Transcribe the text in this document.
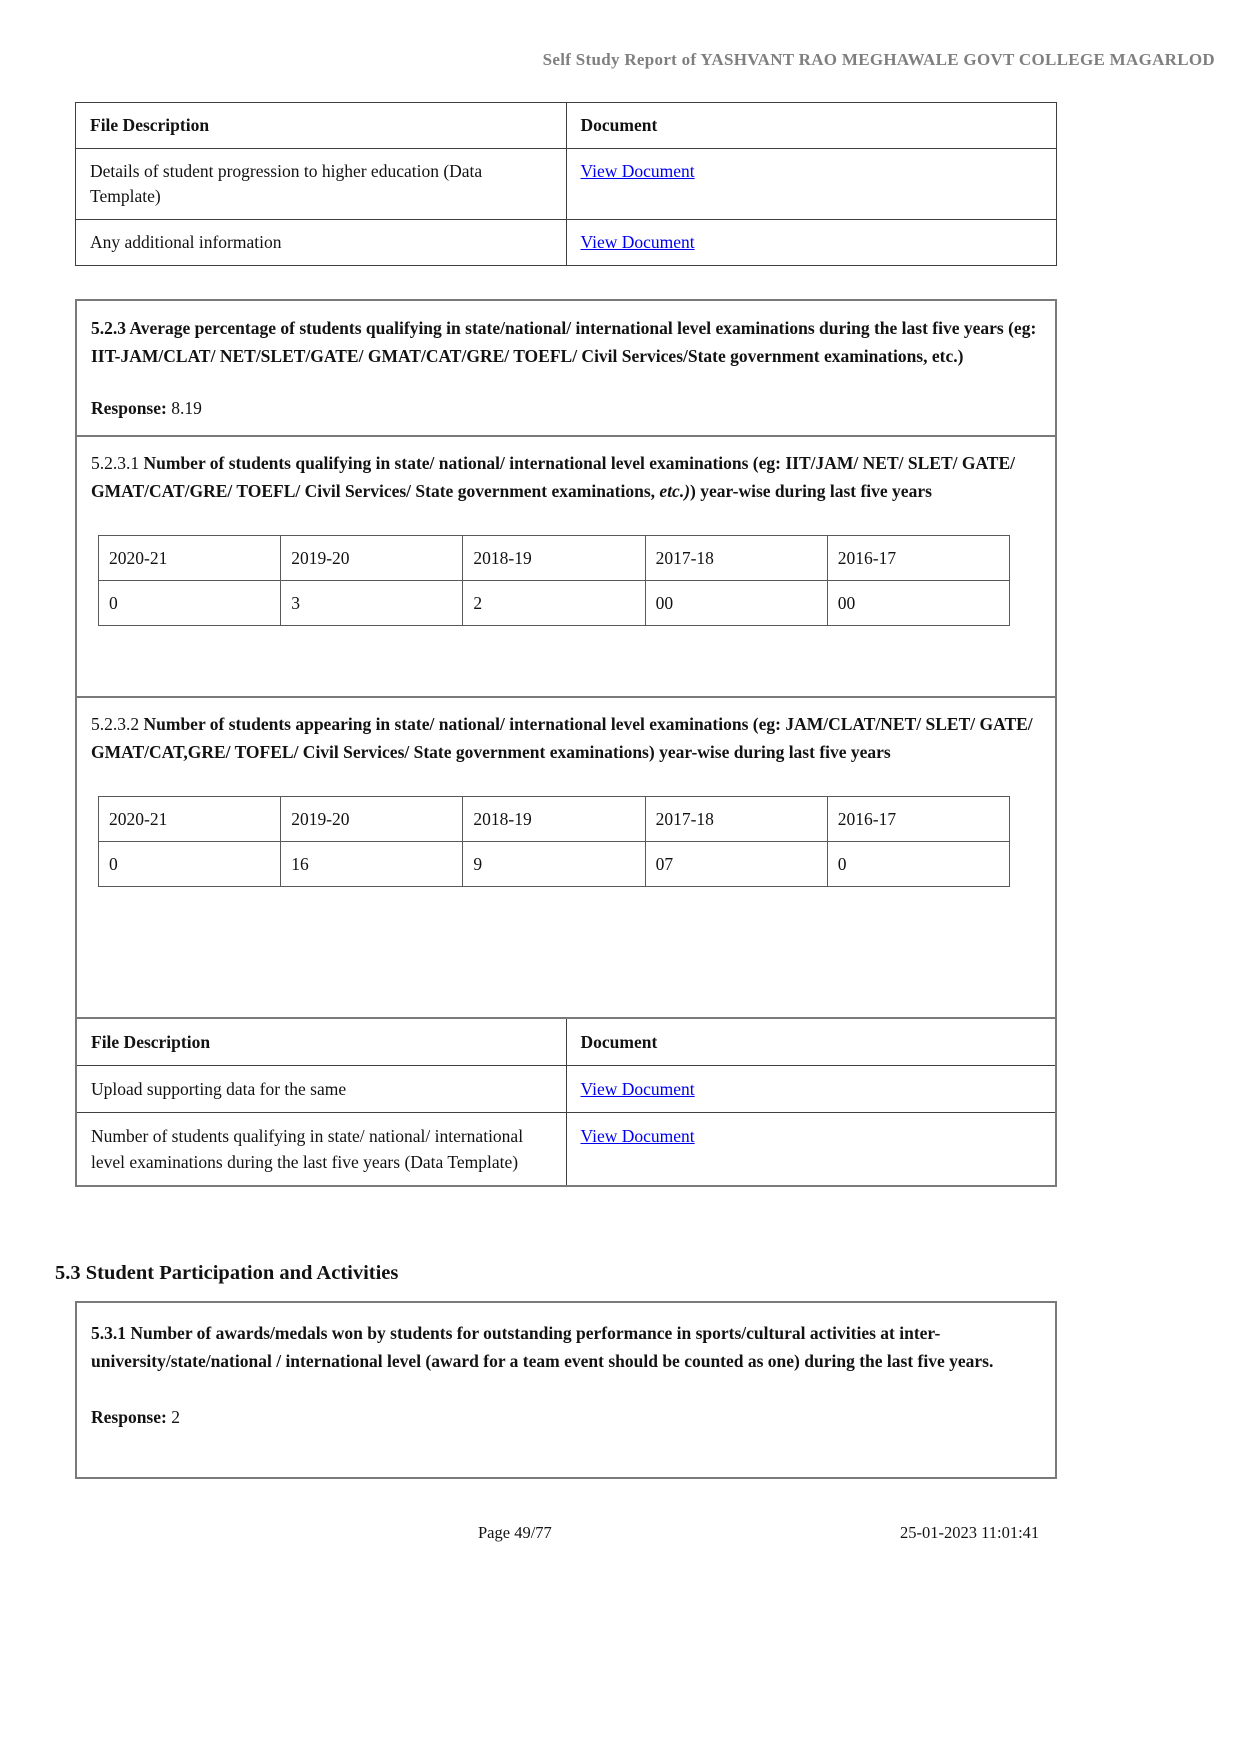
Self Study Report of YASHVANT RAO MEGHAWALE GOVT COLLEGE MAGARLOD
File Description	Document
Details of student progression to higher education (Data Template)	View Document
Any additional information	View Document
5.2.3 Average percentage of students qualifying in state/national/ international level examinations during the last five years (eg: IIT-JAM/CLAT/ NET/SLET/GATE/ GMAT/CAT/GRE/ TOEFL/ Civil Services/State government examinations, etc.)
Response: 8.19
5.2.3.1 Number of students qualifying in state/ national/ international level examinations (eg: IIT/JAM/ NET/ SLET/ GATE/ GMAT/CAT/GRE/ TOEFL/ Civil Services/ State government examinations, etc.)) year-wise during last five years
2020-21	2019-20	2018-19	2017-18	2016-17
0	3	2	00	00
5.2.3.2 Number of students appearing in state/ national/ international level examinations (eg: JAM/CLAT/NET/ SLET/ GATE/ GMAT/CAT,GRE/ TOFEL/ Civil Services/ State government examinations) year-wise during last five years
2020-21	2019-20	2018-19	2017-18	2016-17
0	16	9	07	0
File Description	Document
Upload supporting data for the same	View Document
Number of students qualifying in state/ national/ international level examinations during the last five years (Data Template)	View Document
5.3 Student Participation and Activities
5.3.1 Number of awards/medals won by students for outstanding performance in sports/cultural activities at inter-university/state/national / international level (award for a team event should be counted as one) during the last five years.
Response: 2
Page 49/77	25-01-2023 11:01:41
